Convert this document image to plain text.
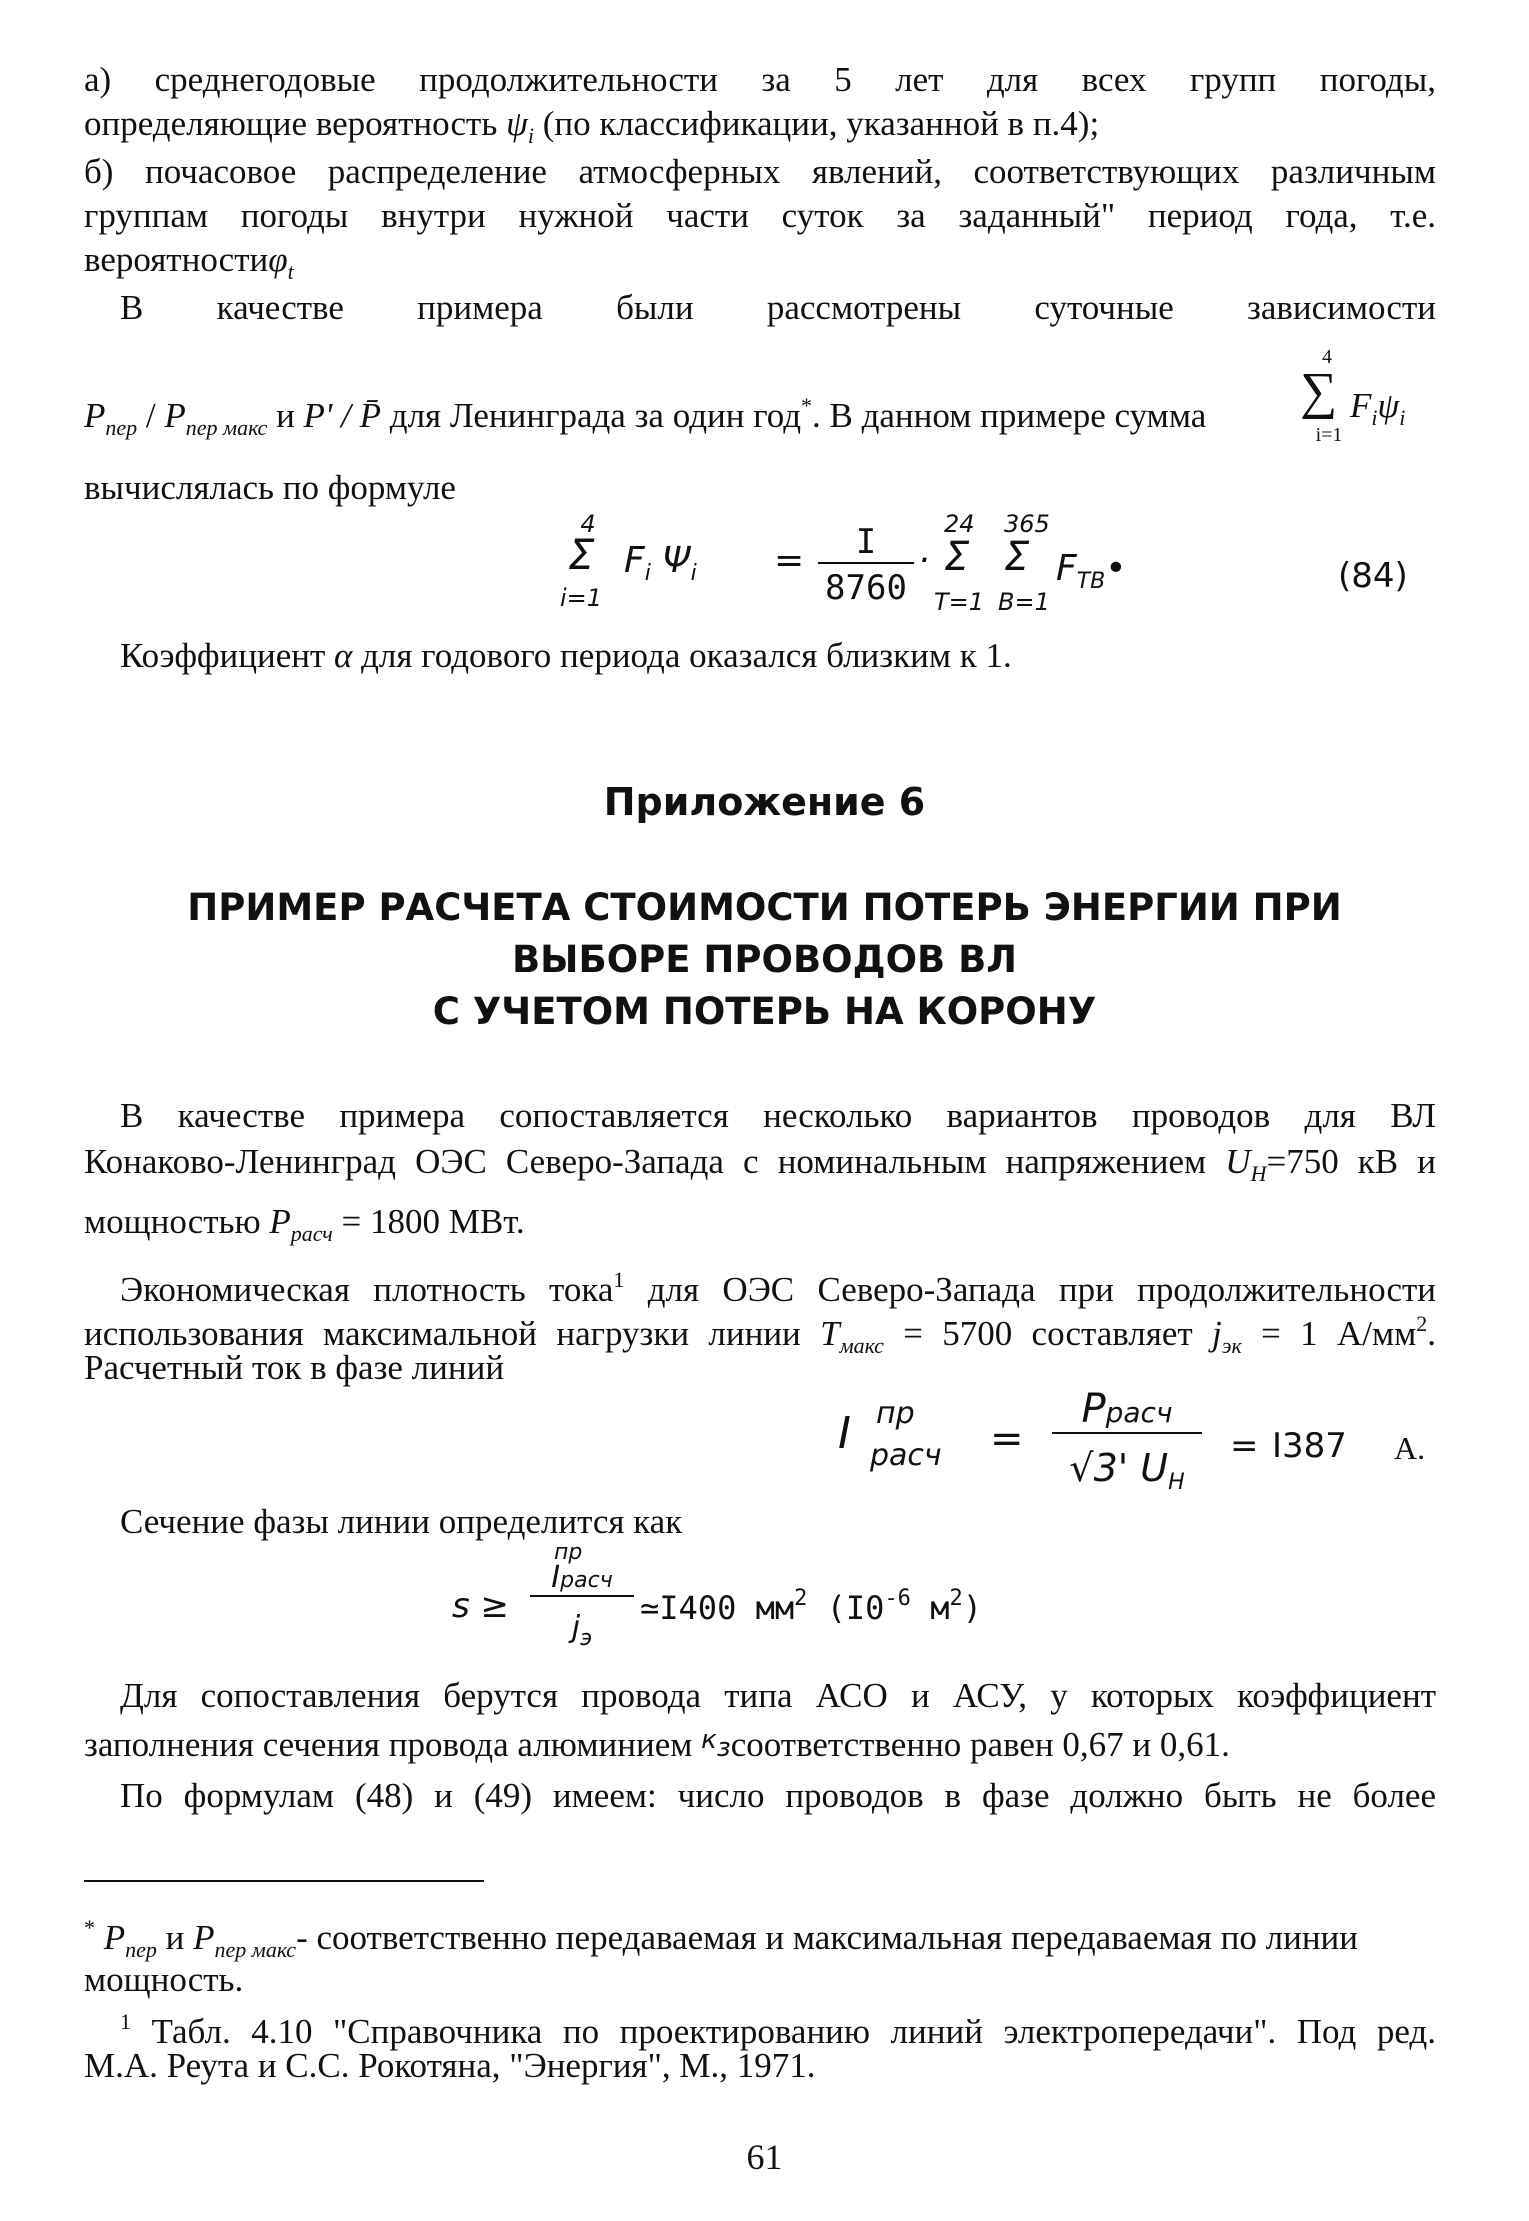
а) среднегодовые продолжительности за 5 лет для всех групп погоды,
определяющие вероятность $\psi_i$ (по классификации, указанной в п.4);
б) почасовое распределение атмосферных явлений, соответствующих различным
группам погоды внутри нужной части суток за заданный" период года, т.е.
вероятностиφ$_t$
В качестве примера были рассмотрены суточные зависимости
$P_{пер} / P_{пер макс}$ и P' / P̄ для Ленинграда за один год*. В данном примере сумма
4
∑
i=1
$F_i\psi_i$
вычислялась по формуле
4
Σ
i=1
$F_i$ $\Psi_i$ =	I
8760
·
24
Σ
T=1
365
Σ
B=1
$F_{TB}•$	(84)
Коэффициент α для годового периода оказался близким к 1.
Приложение 6
ПРИМЕР РАСЧЕТА СТОИМОСТИ ПОТЕРЬ ЭНЕРГИИ ПРИ
ВЫБОРЕ ПРОВОДОВ ВЛ
С УЧЕТОМ ПОТЕРЬ НА КОРОНУ
В качестве примера сопоставляется несколько вариантов проводов для ВЛ
Конаково-Ленинград ОЭС Северо-Запада с номинальным напряжением $U_H=750$ кВ и
мощностью $P_{расч} = 1800$ МВт.
Экономическая плотность тока$^1$ для ОЭС Северо-Запада при продолжительности
использования максимальной нагрузки линии $T_{макс} = 5700$ составляет $j_{эк} = 1$ $А/мм^2$.
Расчетный ток в фазе линий
I пр
расч =
Pрасч
√3' $U_H$
= I387 А.
Сечение фазы линии определится как
s ≥
Iрасч
пр
$j_э$
≃I400 $мм^2$ ($I0^{-6}$ $м^2$)
Для сопоставления берутся провода типа АСО и АСУ, у которых коэффициент
заполнения сечения провода алюминием $^к$зсоответственно равен 0,67 и 0,61.
По формулам (48) и (49) имеем: число проводов в фазе должно быть не более
* $P_{пер}$ и $P_{пер макс}-$ соответственно передаваемая и максимальная передаваемая по линии
мощность.
$^1$ Табл. 4.10 "Справочника по проектированию линий электропередачи". Под ред.
М.А. Реута и С.С. Рокотяна, "Энергия", М., 1971.
61
